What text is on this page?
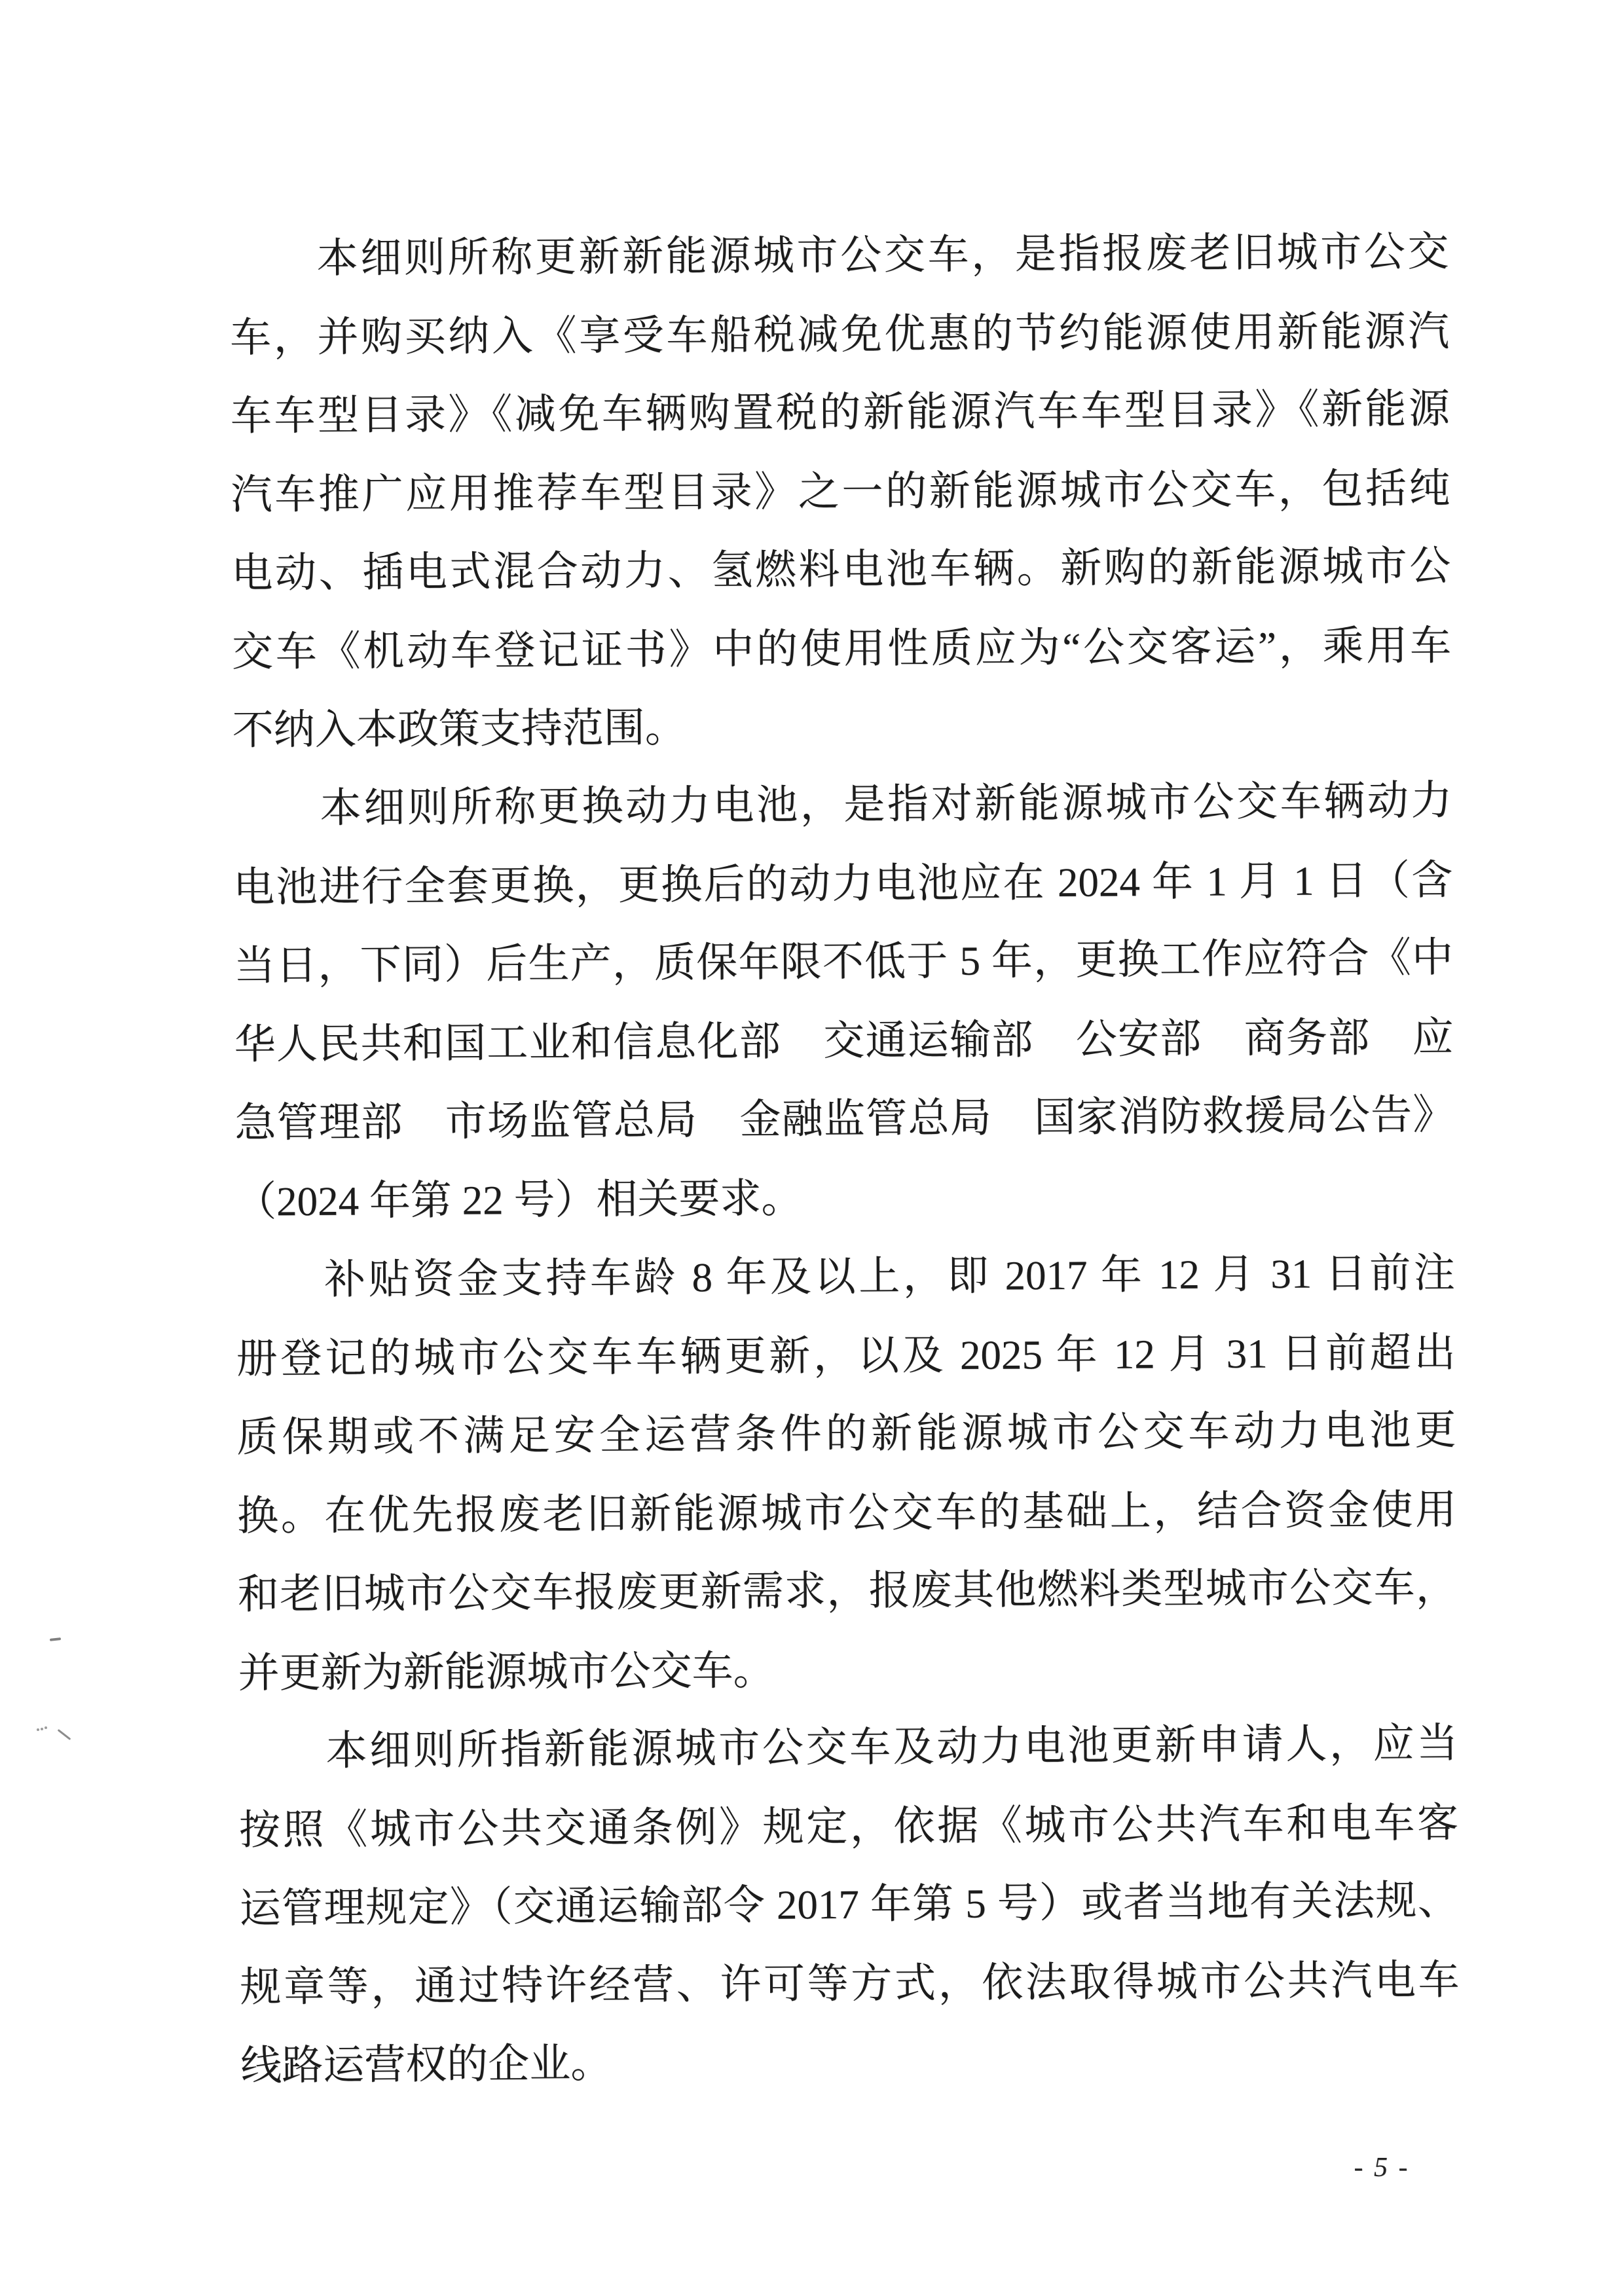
　　本细则所称更新新能源城市公交车，是指报废老旧城市公交
车，并购买纳入《享受车船税减免优惠的节约能源使用新能源汽
车车型目录》《减免车辆购置税的新能源汽车车型目录》《新能源
汽车推广应用推荐车型目录》之一的新能源城市公交车，包括纯
电动、插电式混合动力、氢燃料电池车辆。新购的新能源城市公
交车《机动车登记证书》中的使用性质应为“公交客运”，乘用车
不纳入本政策支持范围。
　　本细则所称更换动力电池，是指对新能源城市公交车辆动力
电池进行全套更换，更换后的动力电池应在 2024 年 1 月 1 日（含
当日，下同）后生产，质保年限不低于 5 年，更换工作应符合《中
华人民共和国工业和信息化部　交通运输部　公安部　商务部　应
急管理部　市场监管总局　金融监管总局　国家消防救援局公告》
（2024 年第 22 号）相关要求。
　　补贴资金支持车龄 8 年及以上，即 2017 年 12 月 31 日前注
册登记的城市公交车车辆更新，以及 2025 年 12 月 31 日前超出
质保期或不满足安全运营条件的新能源城市公交车动力电池更
换。在优先报废老旧新能源城市公交车的基础上，结合资金使用
和老旧城市公交车报废更新需求，报废其他燃料类型城市公交车，
并更新为新能源城市公交车。
　　本细则所指新能源城市公交车及动力电池更新申请人，应当
按照《城市公共交通条例》规定，依据《城市公共汽车和电车客
运管理规定》（交通运输部令 2017 年第 5 号）或者当地有关法规、
规章等，通过特许经营、许可等方式，依法取得城市公共汽电车
线路运营权的企业。
- 5 -
